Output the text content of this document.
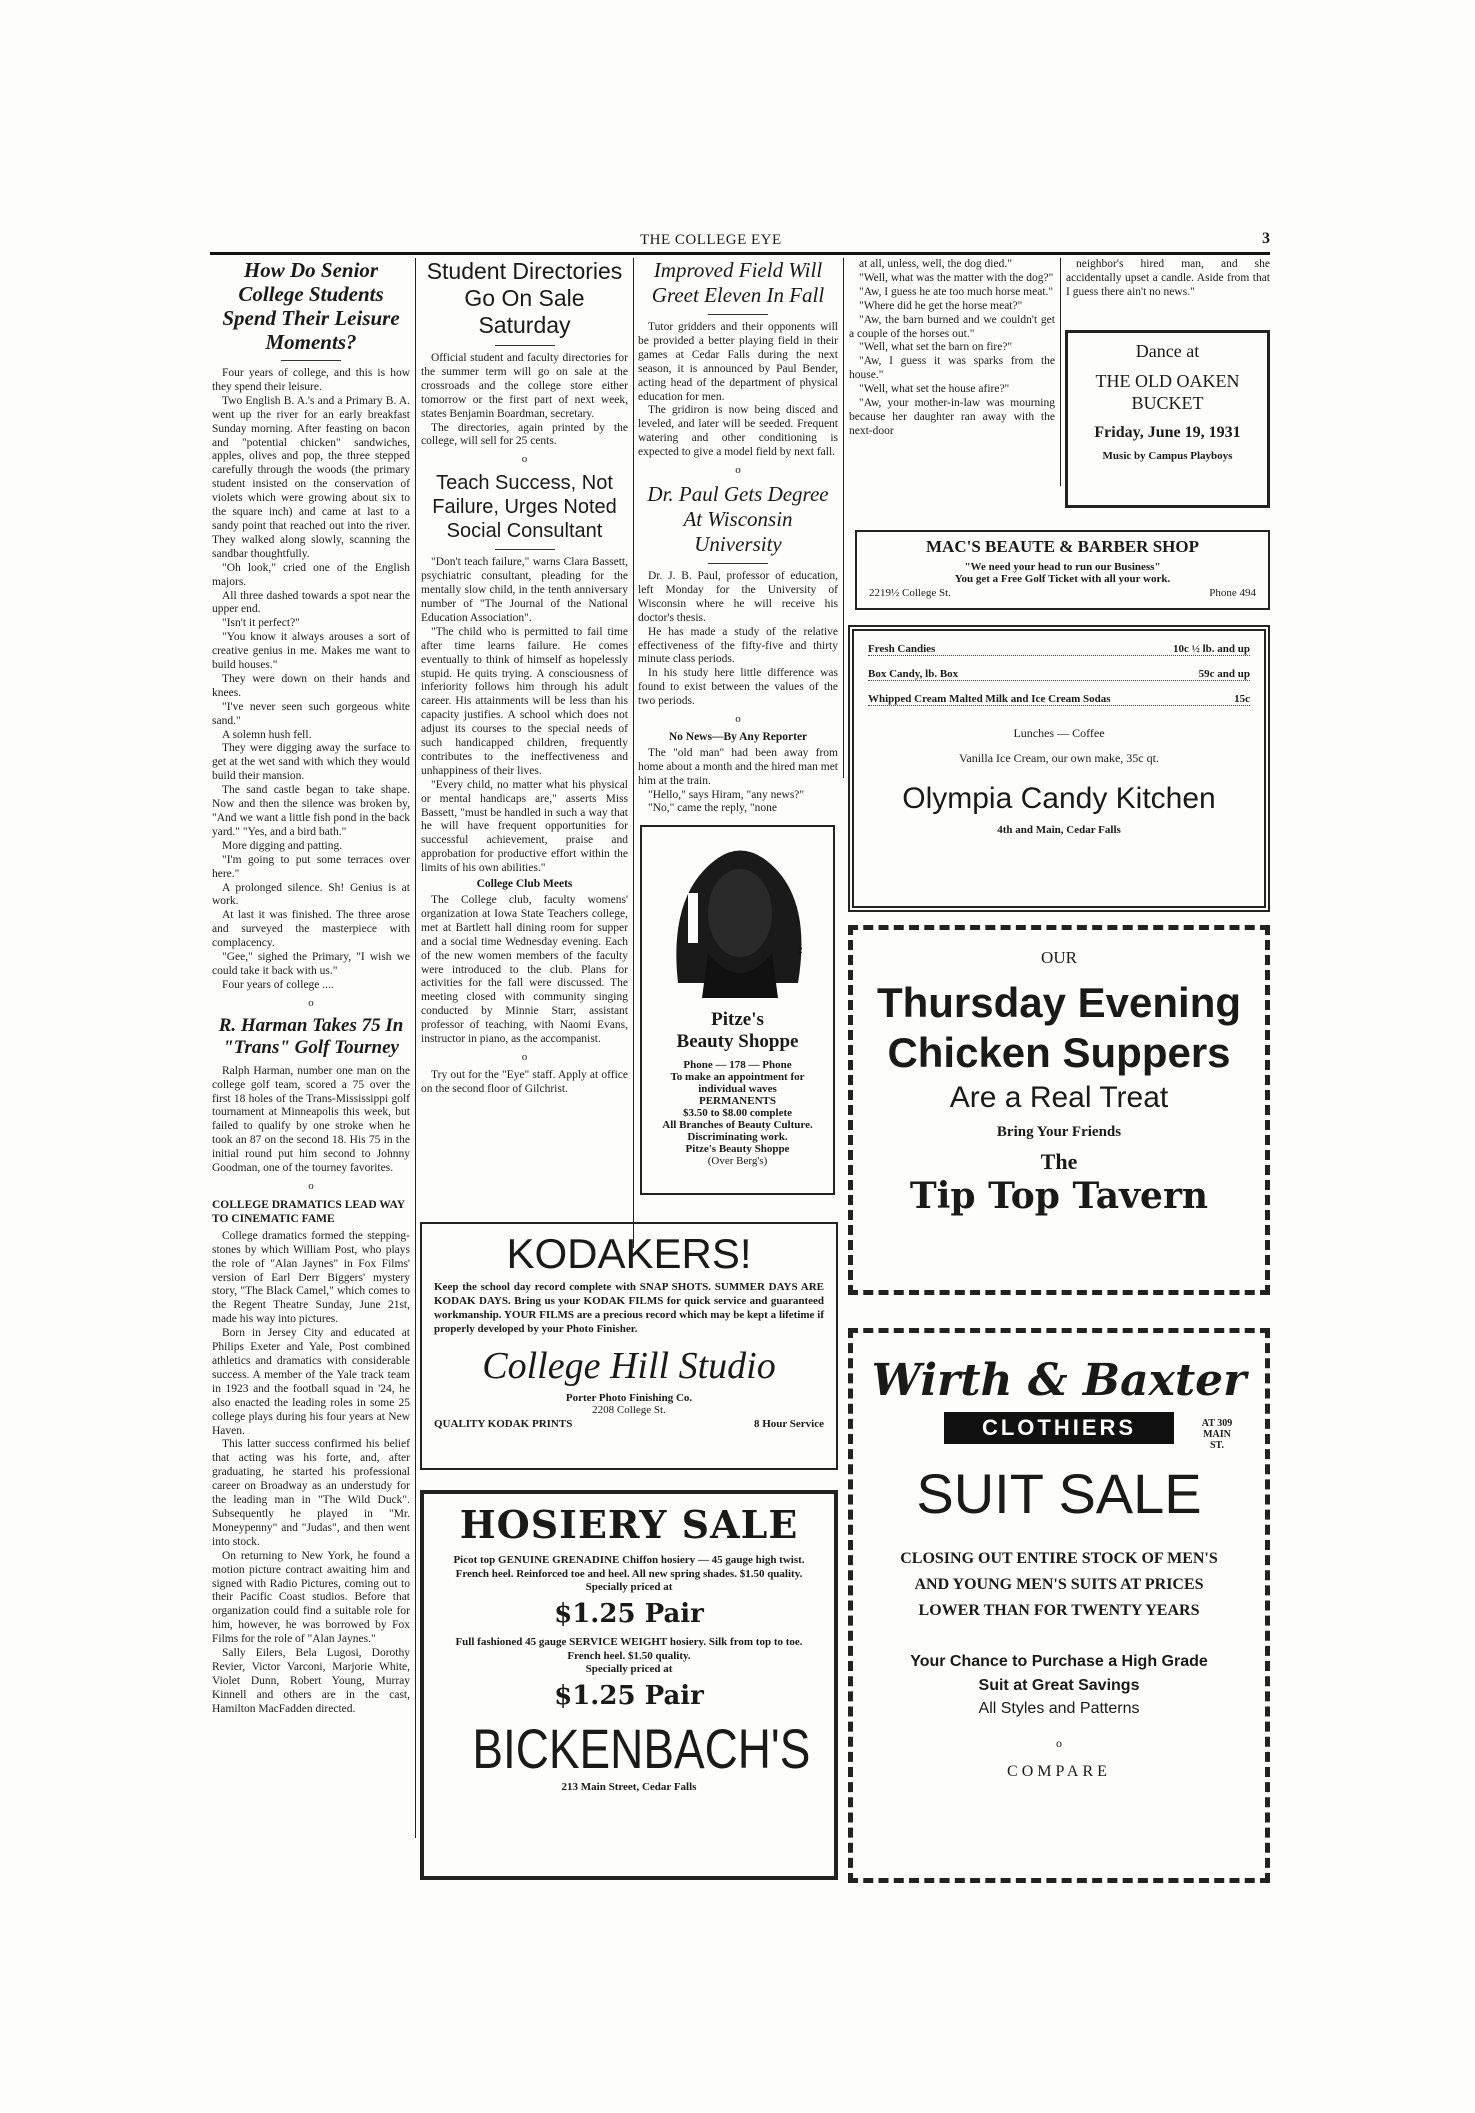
THE COLLEGE EYE	3
How Do Senior College Students Spend Their Leisure Moments?

Four years of college, and this is how they spend their leisure.

Two English B. A.'s and a Primary B. A. went up the river for an early breakfast Sunday morning. After feasting on bacon and "potential chicken" sandwiches, apples, olives and pop, the three stepped carefully through the woods (the primary student insisted on the conservation of violets which were growing about six to the square inch) and came at last to a sandy point that reached out into the river. They walked along slowly, scanning the sandbar thoughtfully.

"Oh look," cried one of the English majors.

All three dashed towards a spot near the upper end.

"Isn't it perfect?"

"You know it always arouses a sort of creative genius in me. Makes me want to build houses."

They were down on their hands and knees.

"I've never seen such gorgeous white sand."

A solemn hush fell.

They were digging away the surface to get at the wet sand with which they would build their mansion.

The sand castle began to take shape. Now and then the silence was broken by, "And we want a little fish pond in the back yard." "Yes, and a bird bath."

More digging and patting.

"I'm going to put some terraces over here."

A prolonged silence. Sh! Genius is at work.

At last it was finished. The three arose and surveyed the masterpiece with complacency.

"Gee," sighed the Primary, "I wish we could take it back with us."

Four years of college ....

o
R. Harman Takes 75 In "Trans" Golf Tourney

Ralph Harman, number one man on the college golf team, scored a 75 over the first 18 holes of the Trans-Mississippi golf tournament at Minneapolis this week, but failed to qualify by one stroke when he took an 87 on the second 18. His 75 in the initial round put him second to Johnny Goodman, one of the tourney favorites.

o
COLLEGE DRAMATICS LEAD WAY TO CINEMATIC FAME

College dramatics formed the stepping-stones by which William Post, who plays the role of "Alan Jaynes" in Fox Films' version of Earl Derr Biggers' mystery story, "The Black Camel," which comes to the Regent Theatre Sunday, June 21st, made his way into pictures.

Born in Jersey City and educated at Philips Exeter and Yale, Post combined athletics and dramatics with considerable success. A member of the Yale track team in 1923 and the football squad in '24, he also enacted the leading roles in some 25 college plays during his four years at New Haven.

This latter success confirmed his belief that acting was his forte, and, after graduating, he started his professional career on Broadway as an understudy for the leading man in "The Wild Duck". Subsequently he played in "Mr. Moneypenny" and "Judas", and then went into stock.

On returning to New York, he found a motion picture contract awaiting him and signed with Radio Pictures, coming out to their Pacific Coast studios. Before that organization could find a suitable role for him, however, he was borrowed by Fox Films for the role of "Alan Jaynes."

Sally Eilers, Bela Lugosi, Dorothy Revier, Victor Varconi, Marjorie White, Violet Dunn, Robert Young, Murray Kinnell and others are in the cast, Hamilton MacFadden directed.

Student Directories Go On Sale Saturday

Official student and faculty directories for the summer term will go on sale at the crossroads and the college store either tomorrow or the first part of next week, states Benjamin Boardman, secretary.

The directories, again printed by the college, will sell for 25 cents.

o
Teach Success, Not Failure, Urges Noted Social Consultant

"Don't teach failure," warns Clara Bassett, psychiatric consultant, pleading for the mentally slow child, in the tenth anniversary number of "The Journal of the National Education Association".

"The child who is permitted to fail time after time learns failure. He comes eventually to think of himself as hopelessly stupid. He quits trying. A consciousness of inferiority follows him through his adult career. His attainments will be less than his capacity justifies. A school which does not adjust its courses to the special needs of such handicapped children, frequently contributes to the ineffectiveness and unhappiness of their lives.

"Every child, no matter what his physical or mental handicaps are," asserts Miss Bassett, "must be handled in such a way that he will have frequent opportunities for successful achievement, praise and approbation for productive effort within the limits of his own abilities."

College Club Meets

The College club, faculty womens' organization at Iowa State Teachers college, met at Bartlett hall dining room for supper and a social time Wednesday evening. Each of the new women members of the faculty were introduced to the club. Plans for activities for the fall were discussed. The meeting closed with community singing conducted by Minnie Starr, assistant professor of teaching, with Naomi Evans, instructor in piano, as the accompanist.

o

Try out for the "Eye" staff. Apply at office on the second floor of Gilchrist.

Improved Field Will Greet Eleven In Fall

Tutor gridders and their opponents will be provided a better playing field in their games at Cedar Falls during the next season, it is announced by Paul Bender, acting head of the department of physical education for men.

The gridiron is now being disced and leveled, and later will be seeded. Frequent watering and other conditioning is expected to give a model field by next fall.

o
Dr. Paul Gets Degree At Wisconsin University

Dr. J. B. Paul, professor of education, left Monday for the University of Wisconsin where he will receive his doctor's thesis.

He has made a study of the relative effectiveness of the fifty-five and thirty minute class periods.

In his study here little difference was found to exist between the values of the two periods.

o
No News—By Any Reporter

The "old man" had been away from home about a month and the hired man met him at the train.

"Hello," says Hiram, "any news?"

"No," came the reply, "none

at all, unless, well, the dog died."

"Well, what was the matter with the dog?"

"Aw, I guess he ate too much horse meat."

"Where did he get the horse meat?"

"Aw, the barn burned and we couldn't get a couple of the horses out."

"Well, what set the barn on fire?"

"Aw, I guess it was sparks from the house."

"Well, what set the house afire?"

"Aw, your mother-in-law was mourning because her daughter ran away with the next-door

neighbor's hired man, and she accidentally upset a candle. Aside from that I guess there ain't no news."

Dance at
THE OLD OAKEN BUCKET
Friday, June 19, 1931
Music by Campus Playboys
MAC'S BEAUTE & BARBER SHOP
"We need your head to run our Business"
You get a Free Golf Ticket with all your work.
2219½ College St.	Phone 494
Fresh Candies	10c ½ lb. and up
Box Candy, lb. Box	59c and up
Whipped Cream Malted Milk and Ice Cream Sodas	15c
Lunches — Coffee
Vanilla Ice Cream, our own make, 35c qt.
Olympia Candy Kitchen
4th and Main, Cedar Falls
2
Pitze's
Beauty Shoppe
Phone — 178 — Phone
To make an appointment for individual waves
PERMANENTS
$3.50 to $8.00 complete
All Branches of Beauty Culture. Discriminating work.
Pitze's Beauty Shoppe
(Over Berg's)
OUR
Thursday Evening
Chicken Suppers
Are a Real Treat
Bring Your Friends
The
Tip Top Tavern
KODAKERS!
Keep the school day record complete with SNAP SHOTS. SUMMER DAYS ARE KODAK DAYS. Bring us your KODAK FILMS for quick service and guaranteed workmanship. YOUR FILMS are a precious record which may be kept a lifetime if properly developed by your Photo Finisher.
College Hill Studio
Porter Photo Finishing Co.
2208 College St.
QUALITY KODAK PRINTS	8 Hour Service
HOSIERY SALE
Picot top GENUINE GRENADINE Chiffon hosiery — 45 gauge high twist. French heel. Reinforced toe and heel. All new spring shades. $1.50 quality.
Specially priced at
$1.25 Pair
Full fashioned 45 gauge SERVICE WEIGHT hosiery. Silk from top to toe. French heel. $1.50 quality.
Specially priced at
$1.25 Pair
BICKENBACH'S
213 Main Street, Cedar Falls
Wirth & Baxter
CLOTHIERS	AT 309 MAIN ST.
SUIT SALE
CLOSING OUT ENTIRE STOCK OF MEN'S AND YOUNG MEN'S SUITS AT PRICES LOWER THAN FOR TWENTY YEARS
Your Chance to Purchase a High Grade Suit at Great Savings
All Styles and Patterns
o
COMPARE
